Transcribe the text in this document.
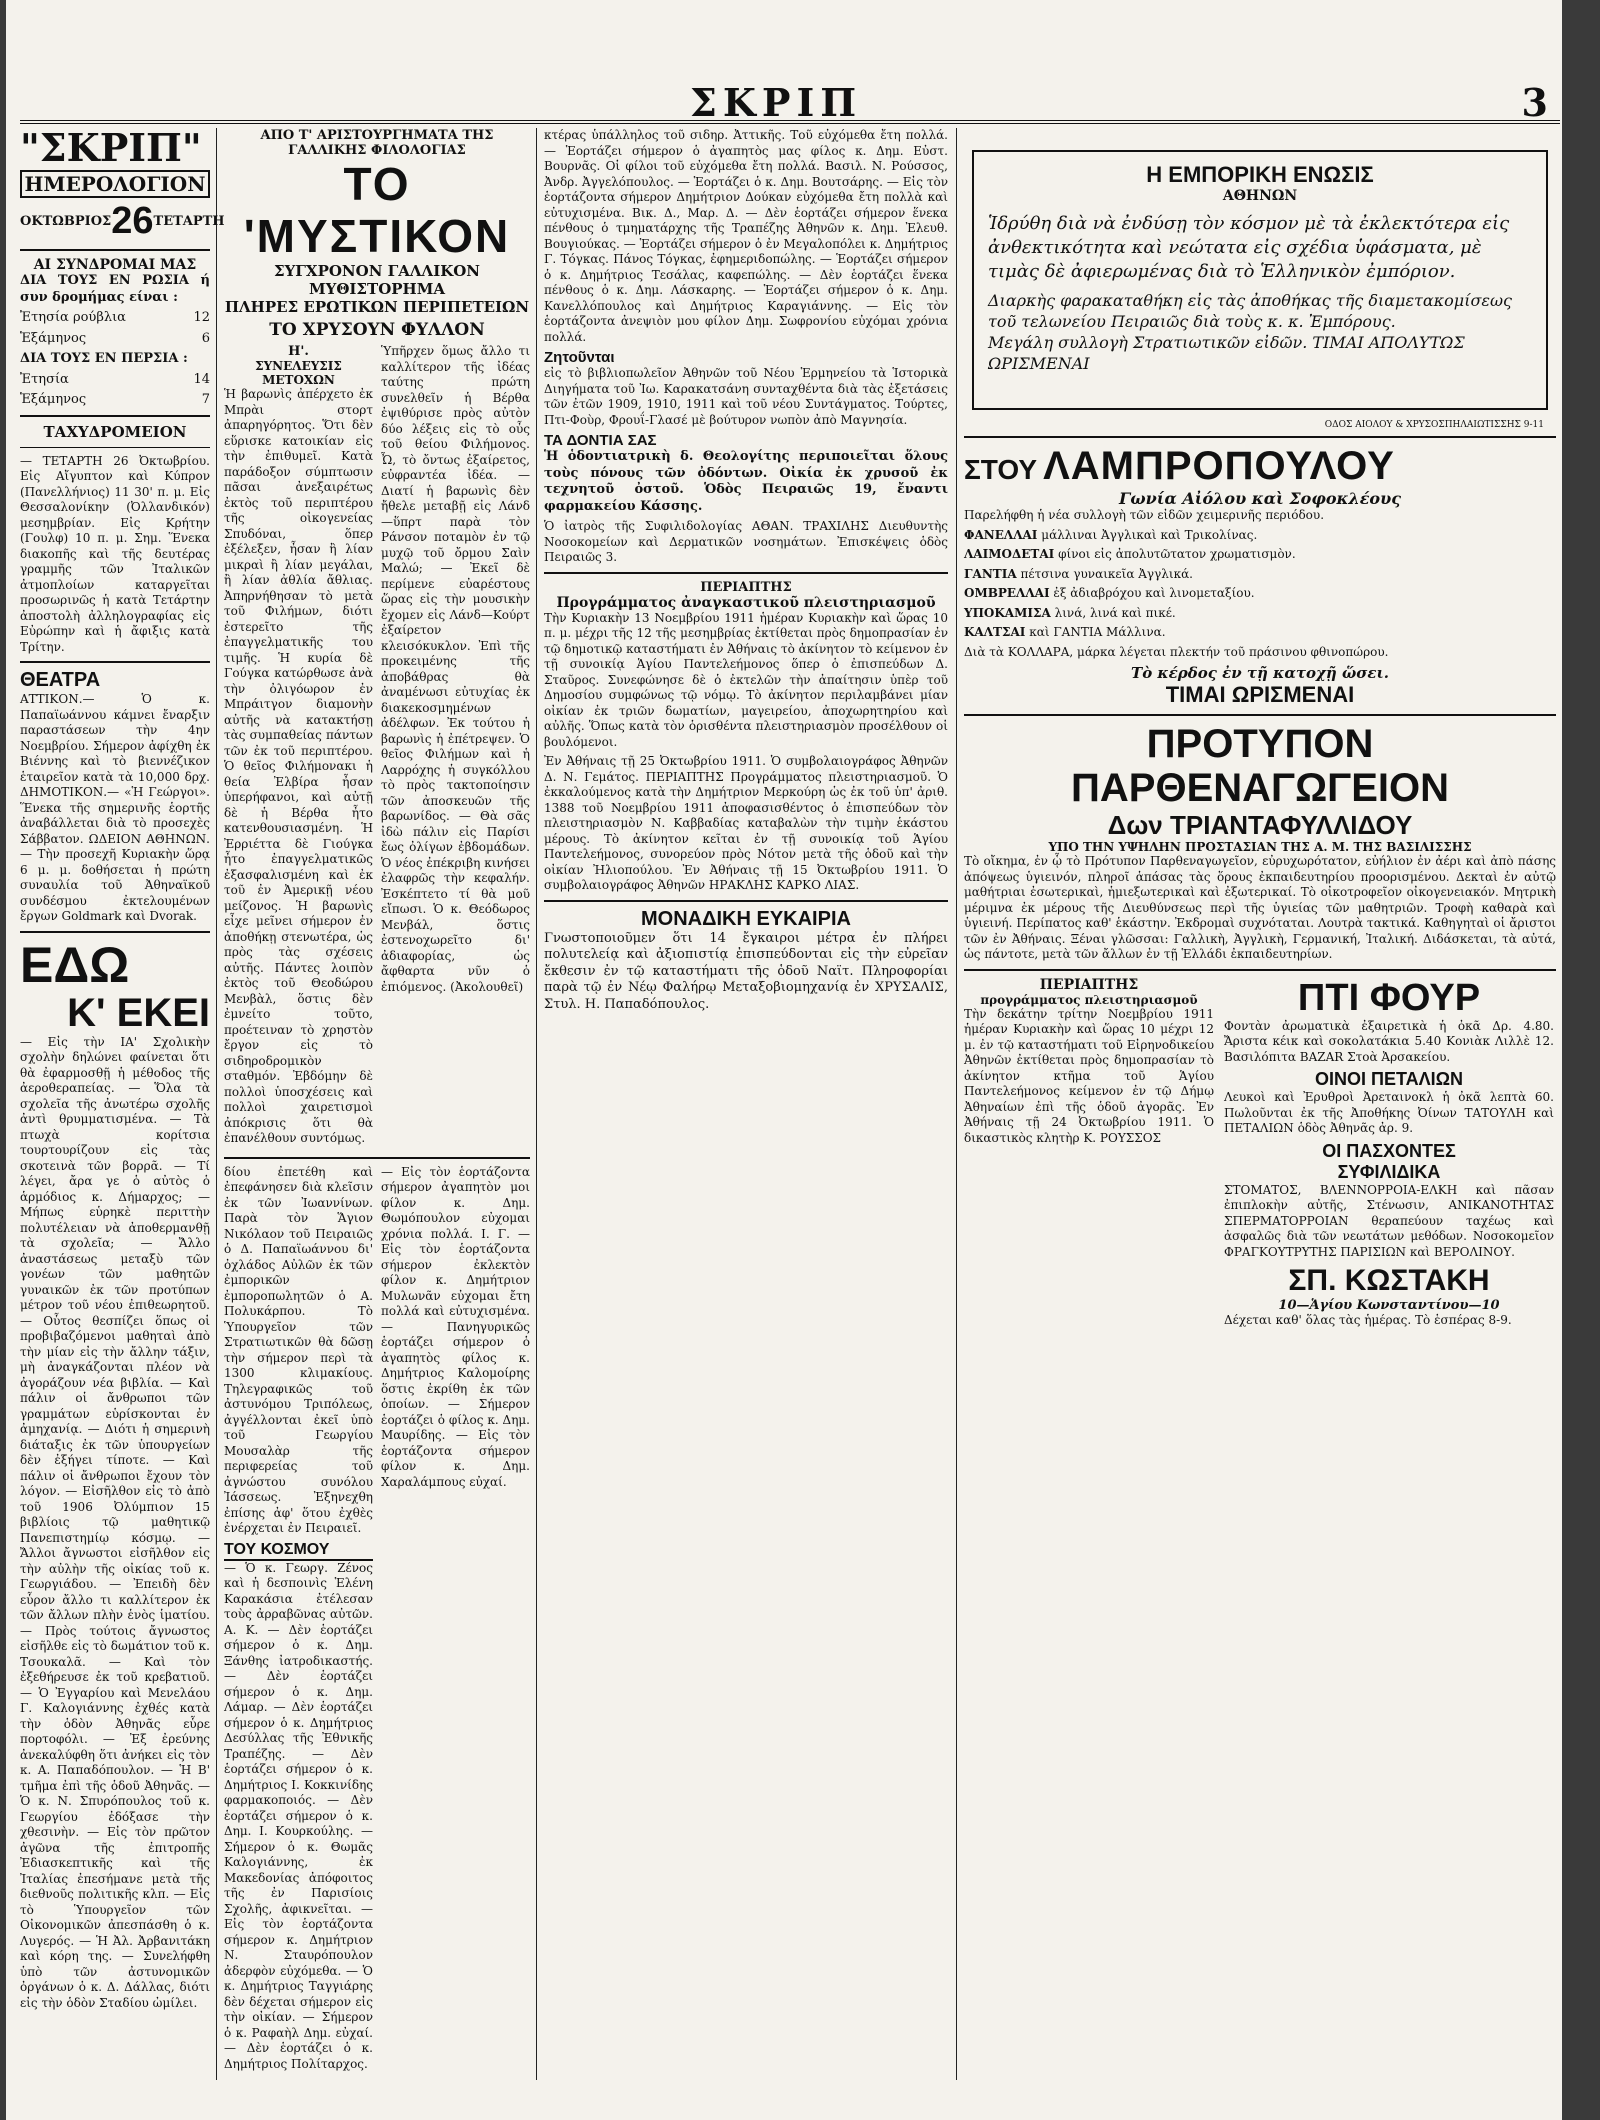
ΣΚΡΙΠ	3
"ΣΚΡΙΠ"
ΗΜΕΡΟΛΟΓΙΟΝ
ΟΚΤΩΒΡΙΟΣ 26 ΤΕΤΑΡΤΗ
ΑΙ ΣΥΝΔΡΟΜΑΙ ΜΑΣ
ΔΙΑ ΤΟΥΣ ΕΝ ΡΩΣΙΑ ή συν δρομήμας είναι :
Ἐτησία ρούβλια	12
Ἑξάμηνος	6
ΔΙΑ ΤΟΥΣ ΕΝ ΠΕΡΣΙΑ :
Ἐτησία	14
Ἑξάμηνος	7
ΤΑΧΥΔΡΟΜΕΙΟΝ
— ΤΕΤΑΡΤΗ 26 Ὀκτωβρίου. Εἰς Αἴγυπτον καὶ Κύπρον (Πανελλήνιος) 11 30' π. μ. Εἰς Θεσσαλονίκην (Ὀλλανδικόν) μεσημβρίαν. Εἰς Κρήτην (Γουλφ) 10 π. μ. Σημ. Ἕνεκα διακοπῆς καὶ τῆς δευτέρας γραμμῆς τῶν Ἰταλικῶν ἀτμοπλοίων καταργεῖται προσωρινῶς ἡ κατὰ Τετάρτην ἀποστολὴ ἀλληλογραφίας εἰς Εὐρώπην καὶ ἡ ἄφιξις κατὰ Τρίτην.
ΘΕΑΤΡΑ
ΑΤΤΙΚΟΝ.— Ὁ κ. Παπαϊωάννου κάμνει ἔναρξιν παραστάσεων τὴν 4ην Νοεμβρίου. Σήμερον ἀφίχθη ἐκ Βιέννης καὶ τὸ βιεννέζικον ἑταιρεῖον κατὰ τὰ 10,000 δρχ. ΔΗΜΟΤΙΚΟΝ.— «Ἡ Γεώργοι». Ἕνεκα τῆς σημερινῆς ἑορτῆς ἀναβάλλεται διὰ τὸ προσεχὲς Σάββατον. ΩΔΕΙΟΝ ΑΘΗΝΩΝ.— Τὴν προσεχῆ Κυριακὴν ὥρᾳ 6 μ. μ. δοθήσεται ἡ πρώτη συναυλία τοῦ Ἀθηναϊκοῦ συνδέσμου ἐκτελουμένων ἔργων Goldmark καὶ Dvorak.
ΕΔΩ
Κ' ΕΚΕΙ
— Εἰς τὴν ΙΑ' Σχολικὴν σχολὴν δηλώνει φαίνεται ὅτι θὰ ἐφαρμοσθῇ ἡ μέθοδος τῆς ἀεροθεραπείας. — Ὅλα τὰ σχολεῖα τῆς ἀνωτέρω σχολῆς ἀντὶ θρυμματισμένα. — Τὰ πτωχὰ κορίτσια τουρτουρίζουν εἰς τὰς σκοτεινὰ τῶν βορρᾶ. — Τί λέγει, ἄρα γε ὁ αὐτὸς ὁ ἁρμόδιος κ. Δήμαρχος; — Μήπως εὑρηκὲ περιττὴν πολυτέλειαν νὰ ἀποθερμανθῇ τὰ σχολεῖα; — Ἄλλο ἀναστάσεως μεταξὺ τῶν γονέων τῶν μαθητῶν γυναικῶν ἐκ τῶν προτύπων μέτρον τοῦ νέου ἐπιθεωρητοῦ. — Οὗτος θεσπίζει ὅπως οἱ προβιβαζόμενοι μαθηταὶ ἀπὸ τὴν μίαν εἰς τὴν ἄλλην τάξιν, μὴ ἀναγκάζονται πλέον νὰ ἀγοράζουν νέα βιβλία. — Καὶ πάλιν οἱ ἄνθρωποι τῶν γραμμάτων εὑρίσκονται ἐν ἀμηχανίᾳ. — Διότι ἡ σημερινὴ διάταξις ἐκ τῶν ὑπουργείων δὲν ἐξήγει τίποτε. — Καὶ πάλιν οἱ ἄνθρωποι ἔχουν τὸν λόγον. — Εἰσῆλθον εἰς τὸ ἀπὸ τοῦ 1906 Ὀλύμπιον 15 βιβλίοις τῷ μαθητικῷ Πανεπιστημίῳ κόσμῳ. — Ἄλλοι ἄγνωστοι εἰσῆλθον εἰς τὴν αὐλὴν τῆς οἰκίας τοῦ κ. Γεωργιάδου. — Ἐπειδὴ δὲν εὗρον ἄλλο τι καλλίτερον ἐκ τῶν ἄλλων πλὴν ἑνὸς ἱματίου. — Πρὸς τούτοις ἄγνωστος εἰσῆλθε εἰς τὸ δωμάτιον τοῦ κ. Τσουκαλᾶ. — Καὶ τὸν ἐξεθήρευσε ἐκ τοῦ κρεβατιοῦ. — Ὁ Ἐγγαρίου καὶ Μενελάου Γ. Καλογιάννης ἐχθές κατὰ τὴν ὁδὸν Ἀθηνᾶς εὗρε πορτοφόλι. — Ἐξ ἐρεύνης ἀνεκαλύφθη ὅτι ἀνήκει εἰς τὸν κ. Α. Παπαδόπουλον. — Ἡ Β' τμῆμα ἐπὶ τῆς ὁδοῦ Ἀθηνᾶς. — Ὁ κ. Ν. Σπυρόπουλος τοῦ κ. Γεωργίου ἐδόξασε τὴν χθεσινὴν. — Εἰς τὸν πρῶτον ἀγῶνα τῆς ἐπιτροπῆς Ἐδιασκεπτικῆς καὶ τῆς Ἰταλίας ἐπεσήμανε μετὰ τῆς διεθνοῦς πολιτικῆς κλπ. — Εἰς τὸ Ὑπουργεῖον τῶν Οἰκονομικῶν ἀπεσπάσθη ὁ κ. Λυγερός. — Ἡ Ἀλ. Ἀρβανιτάκη καὶ κόρη της. — Συνελήφθη ὑπὸ τῶν ἀστυνομικῶν ὀργάνων ὁ κ. Δ. Δάλλας, διότι εἰς τὴν ὁδὸν Σταδίου ὠμίλει.
ΑΠΟ Τ' ΑΡΙΣΤΟΥΡΓΗΜΑΤΑ ΤΗΣ ΓΑΛΛΙΚΗΣ ΦΙΛΟΛΟΓΙΑΣ
ΤΟ 'ΜΥΣΤΙΚΟΝ
ΣΥΓΧΡΟΝΟΝ ΓΑΛΛΙΚΟΝ ΜΥΘΙΣΤΟΡΗΜΑ
ΠΛΗΡΕΣ ΕΡΩΤΙΚΩΝ ΠΕΡΙΠΕΤΕΙΩΝ
ΤΟ ΧΡΥΣΟΥΝ ΦΥΛΛΟΝ
Η'.
ΣΥΝΕΛΕΥΣΙΣ ΜΕΤΟΧΩΝ
Ἡ βαρωνὶς ἀπέρχετο ἐκ Μπρὰι στορτ ἀπαρηγόρητος. Ὅτι δὲν εὕρισκε κατοικίαν εἰς τὴν ἐπιθυμεῖ. Κατὰ παράδοξον σύμπτωσιν πᾶσαι ἀνεξαιρέτως ἐκτὸς τοῦ περιπτέρου τῆς οἰκογενείας Σπυδόναι, ὅπερ ἐξέλεξεν, ἦσαν ἢ λίαν μικραὶ ἢ λίαν μεγάλαι, ἢ λίαν ἀθλία ἄθλιας. Ἀπηρνήθησαν τὸ μετὰ τοῦ Φιλήμων, διότι ἐστερεῖτο τῆς ἐπαγγελματικῆς του τιμῆς. Ἡ κυρία δὲ Γούγκα κατώρθωσε ἀνὰ τὴν ὀλιγόωρον ἐν Μπράιτγον διαμονὴν αὐτῆς νὰ κατακτήσῃ τὰς συμπαθείας πάντων τῶν ἐκ τοῦ περιπτέρου. Ὁ θεῖος Φιλήμονακι ἡ θεία Ἐλβίρα ἦσαν ὑπερήφανοι, καὶ αὐτῇ δὲ ἡ Βέρθα ἦτο κατενθουσιασμένη. Ἡ Ἐρριέττα δὲ Γιούγκα ἦτο ἐπαγγελματικῶς ἐξασφαλισμένη καὶ ἐκ τοῦ ἐν Ἀμερικῇ νέου μείζονος. Ἡ βαρωνὶς εἶχε μεῖνει σήμερον ἐν ἀποθήκῃ στενωτέρα, ὡς πρὸς τὰς σχέσεις αὐτῆς. Πάντες λοιπὸν ἐκτὸς τοῦ Θεοδώρου Μενβὰλ, ὅστις δὲν ἐμνείτο τοῦτο, προέτειναν τὸ χρηστὸν ἔργον εἰς τὸ σιδηροδρομικὸν σταθμόν. Ἐβδόμην δὲ πολλοὶ ὑποσχέσεις καὶ πολλοὶ χαιρετισμοὶ ἀπόκρισις ὅτι θὰ ἐπανέλθουν συντόμως.
Ὑπῆρχεν ὅμως ἄλλο τι καλλίτερον τῆς ἰδέας ταύτης πρώτη συνελθεῖν ἡ Βέρθα ἐψιθύρισε πρὸς αὐτὸν δύο λέξεις εἰς τὸ οὖς τοῦ θείου Φιλήμονος. Ὦ, τὸ ὄντως ἐξαίρετος, εὐφραντέα ἰδέα. — Διατί ἡ βαρωνὶς δὲν ἤθελε μεταβῇ εἰς Λάνδ—ὕπρτ παρὰ τὸν Ράνσον ποταμὸν ἐν τῷ μυχῷ τοῦ ὄρμου Σαὶν Μαλώ; — Ἐκεῖ δὲ περίμενε εὐαρέστους ὥρας εἰς τὴν μουσικὴν ἔχομεν εἰς Λάνδ—Κούρτ ἐξαίρετον κλεισόκυκλον. Ἐπὶ τῆς προκειμένης τῆς ἀποβάθρας θὰ ἀναμένωσι εὐτυχίας ἐκ διακεκοσμημένων ἀδέλφων. Ἐκ τούτου ἡ βαρωνὶς ἡ ἐπέτρεψεν. Ὁ θεῖος Φιλήμων καὶ ἡ Λαρρόχης ἡ συγκόλλου τὸ πρὸς τακτοποίησιν τῶν ἀποσκευῶν τῆς βαρωνίδος. — Θὰ σᾶς ἰδὼ πάλιν εἰς Παρίσι ἔως ὀλίγων ἐβδομάδων. Ὁ νέος ἐπέκριβη κινήσει ἐλαφρῶς τὴν κεφαλήν. Ἐσκέπτετο τί θὰ μοῦ εἴπωσι. Ὁ κ. Θεόδωρος Μενβάλ, ὅστις ἐστενοχωρεῖτο δι' ἀδιαφορίας, ὡς ἄφθαρτα νῦν ὁ ἐπιόμενος. (Ἀκολουθεῖ)
δίου ἐπετέθη καὶ ἐπεφάνησεν διὰ κλεῖσιν ἐκ τῶν Ἰωαννίνων. Παρὰ τὸν Ἅγιον Νικόλαον τοῦ Πειραιῶς ὁ Δ. Παπαϊωάννου δι' ὀχλάδος Αὐλῶν ἐκ τῶν ἐμπορικῶν ἐμποροπωλητῶν ὁ Α. Πολυκάρπου. Τὸ Ὑπουργεῖον τῶν Στρατιωτικῶν θὰ δῶσῃ τὴν σήμερον περὶ τὰ 1300 κλιμακίους. Τηλεγραφικῶς τοῦ ἀστυνόμου Τριπόλεως, ἀγγέλλονται ἐκεῖ ὑπὸ τοῦ Γεωργίου Μουσαλὰρ τῆς περιφερείας τοῦ ἀγνώστου συνόλου Ἰάσσεως. Ἐξηνεχθη ἐπίσης ἀφ' ὅτου ἐχθὲς ἐνέρχεται ἐν Πειραιεῖ.
ΤΟΥ ΚΟΣΜΟΥ
— Ὁ κ. Γεωργ. Ζένος καὶ ἡ δεσποινὶς Ἑλένη Καρακάσια ἐτέλεσαν τοὺς ἀρραβῶνας αὐτῶν. Α. Κ. — Δὲν ἑορτάζει σήμερον ὁ κ. Δημ. Ξάνθης ἰατροδικαστής. — Δὲν ἑορτάζει σήμερον ὁ κ. Δημ. Λάμαρ. — Δὲν ἑορτάζει σήμερον ὁ κ. Δημήτριος Δεσύλλας τῆς Ἐθνικῆς Τραπέζης. — Δὲν ἑορτάζει σήμερον ὁ κ. Δημήτριος Ι. Κοκκινίδης φαρμακοποιός. — Δὲν ἑορτάζει σήμερον ὁ κ. Δημ. Ι. Κουρκούλης. — Σήμερον ὁ κ. Θωμᾶς Καλογιάννης, ἐκ Μακεδονίας ἀπόφοιτος τῆς ἐν Παρισίοις Σχολῆς, ἀφικνεῖται. — Εἰς τὸν ἑορτάζοντα σήμερον κ. Δημήτριον Ν. Σταυρόπουλον ἀδερφὸν εὐχόμεθα. — Ὁ κ. Δημήτριος Ταγγιάρης δὲν δέχεται σήμερον εἰς τὴν οἰκίαν. — Σήμερον ὁ κ. Ραφαὴλ Δημ. εὐχαί. — Δὲν ἑορτάζει ὁ κ. Δημήτριος Πολίταρχος.
— Εἰς τὸν ἑορτάζοντα σήμερον ἀγαπητὸν μοι φίλον κ. Δημ. Θωμόπουλον εὐχομαι χρόνια πολλά. Ι. Γ. — Εἰς τὸν ἑορτάζοντα σήμερον ἐκλεκτὸν φίλον κ. Δημήτριον Μυλωνᾶν εὐχομαι ἔτη πολλά καὶ εὐτυχισμένα. — Πανηγυρικῶς ἑορτάζει σήμερον ὁ ἀγαπητὸς φίλος κ. Δημήτριος Καλομοίρης ὅστις ἐκρίθη ἐκ τῶν ὁποίων. — Σήμερον ἑορτάζει ὁ φίλος κ. Δημ. Μαυρίδης. — Εἰς τὸν ἑορτάζοντα σήμερον φίλον κ. Δημ. Χαραλάμπους εὐχαί.
κτέρας ὑπάλληλος τοῦ σιδηρ. Ἀττικῆς. Τοῦ εὐχόμεθα ἔτη πολλά. — Ἑορτάζει σήμερον ὁ ἀγαπητὸς μας φίλος κ. Δημ. Εὐστ. Βουρνᾶς. Οἱ φίλοι τοῦ εὐχόμεθα ἔτη πολλά. Βασιλ. Ν. Ρούσσος, Ἀνδρ. Ἀγγελόπουλος. — Ἑορτάζει ὁ κ. Δημ. Βουτσάρης. — Εἰς τὸν ἑορτάζοντα σήμερον Δημήτριον Δούκαν εὐχόμεθα ἔτη πολλὰ καὶ εὐτυχισμένα. Βικ. Δ., Μαρ. Δ. — Δὲν ἑορτάζει σήμερον ἕνεκα πένθους ὁ τμηματάρχης τῆς Τραπέζης Ἀθηνῶν κ. Δημ. Ἐλευθ. Βουγιούκας. — Ἑορτάζει σήμερον ὁ ἐν Μεγαλοπόλει κ. Δημήτριος Γ. Τόγκας. Πάνος Τόγκας, ἐφημεριδοπώλης. — Ἑορτάζει σήμερον ὁ κ. Δημήτριος Τεσάλας, καφεπώλης. — Δὲν ἑορτάζει ἕνεκα πένθους ὁ κ. Δημ. Λάσκαρης. — Ἑορτάζει σήμερον ὁ κ. Δημ. Κανελλόπουλος καὶ Δημήτριος Καραγιάννης. — Εἰς τὸν ἑορτάζοντα ἀνεψιὸν μου φίλον Δημ. Σωφρονίου εὐχόμαι χρόνια πολλά.
Ζητοῦνται
εἰς τὸ βιβλιοπωλεῖον Ἀθηνῶν τοῦ Νέου Ἑρμηνείου τὰ Ἱστορικὰ Διηγήματα τοῦ Ἰω. Καρακατσάνη συνταχθέντα διὰ τὰς ἐξετάσεις τῶν ἐτῶν 1909, 1910, 1911 καὶ τοῦ νέου Συντάγματος. Τούρτες, Πτι-Φοὺρ, Φρουΐ-Γλασέ μὲ βούτυρον νωπὸν ἀπὸ Μαγνησία.
ΤΑ ΔΟΝΤΙΑ ΣΑΣ
Ἡ ὁδοντιατρικὴ δ. Θεολογίτης περιποιεῖται ὅλους τοὺς πόνους τῶν ὀδόντων. Οἰκία ἐκ χρυσοῦ ἐκ τεχνητοῦ ὀστοῦ. Ὁδὸς Πειραιῶς 19, ἔναντι φαρμακείου Κάσσης.
Ὁ ἰατρὸς τῆς Συφιλιδολογίας ΑΘΑΝ. ΤΡΑΧΙΛΗΣ Διευθυντὴς Νοσοκομείων καὶ Δερματικῶν νοσημάτων. Ἐπισκέψεις ὁδὸς Πειραιῶς 3.
ΠΕΡΙΑΠΤΗΣ
Προγράμματος ἀναγκαστικοῦ πλειστηριασμοῦ
Τὴν Κυριακὴν 13 Νοεμβρίου 1911 ἡμέραν Κυριακὴν καὶ ὥρας 10 π. μ. μέχρι τῆς 12 τῆς μεσημβρίας ἐκτίθεται πρὸς δημοπρασίαν ἐν τῷ δημοτικῷ καταστήματι ἐν Ἀθήναις τὸ ἀκίνητον τὸ κείμενον ἐν τῇ συνοικίᾳ Ἁγίου Παντελεήμονος ὅπερ ὁ ἐπισπεύδων Δ. Σταῦρος. Συνεφώνησε δὲ ὁ ἐκτελῶν τὴν ἀπαίτησιν ὑπὲρ τοῦ Δημοσίου συμφώνως τῷ νόμῳ. Τὸ ἀκίνητον περιλαμβάνει μίαν οἰκίαν ἐκ τριῶν δωματίων, μαγειρείου, ἀποχωρητηρίου καὶ αὐλῆς. Ὅπως κατὰ τὸν ὁρισθέντα πλειστηριασμὸν προσέλθουν οἱ βουλόμενοι.
Ἐν Ἀθήναις τῇ 25 Ὀκτωβρίου 1911. Ὁ συμβολαιογράφος Ἀθηνῶν Δ. Ν. Γεμάτος. ΠΕΡΙΑΠΤΗΣ Προγράμματος πλειστηριασμοῦ. Ὁ ἐκκαλούμενος κατὰ τὴν Δημήτριον Μερκούρη ὡς ἐκ τοῦ ὑπ' ἀριθ. 1388 τοῦ Νοεμβρίου 1911 ἀποφασισθέντος ὁ ἐπισπεύδων τὸν πλειστηριασμὸν Ν. Καββαδίας καταβαλὼν τὴν τιμὴν ἑκάστου μέρους. Τὸ ἀκίνητον κεῖται ἐν τῇ συνοικίᾳ τοῦ Ἁγίου Παντελεήμονος, συνορεύον πρὸς Νότον μετὰ τῆς ὁδοῦ καὶ τὴν οἰκίαν Ἠλιοπούλου. Ἐν Ἀθήναις τῇ 15 Ὀκτωβρίου 1911. Ὁ συμβολαιογράφος Ἀθηνῶν ΗΡΑΚΛΗΣ ΚΑΡΚΟ ΛΙΑΣ.
ΜΟΝΑΔΙΚΗ ΕΥΚΑΙΡΙΑ
Γνωστοποιοῦμεν ὅτι 14 ἔγκαιροι μέτρα ἐν πλήρει πολυτελείᾳ καὶ ἀξιοπιστίᾳ ἐπισπεύδονται εἰς τὴν εὐρεῖαν ἔκθεσιν ἐν τῷ καταστήματι τῆς ὁδοῦ Ναϊτ. Πληροφορίαι παρὰ τῷ ἐν Νέῳ Φαλήρῳ Μεταξοβιομηχανίᾳ ἐν ΧΡΥΣΑΛΙΣ, Στυλ. Η. Παπαδόπουλος.
Η ΕΜΠΟΡΙΚΗ ΕΝΩΣΙΣ
ΑΘΗΝΩΝ
Ἱδρύθη διὰ νὰ ἐνδύσῃ τὸν κόσμον μὲ τὰ ἐκλεκτότερα εἰς ἀνθεκτικότητα καὶ νεώτατα εἰς σχέδια ὑφάσματα, μὲ τιμὰς δὲ ἀφιερωμένας διὰ τὸ Ἑλληνικὸν ἐμπόριον.
Διαρκὴς φαρακαταθήκη εἰς τὰς ἀποθήκας τῆς διαμετακομίσεως τοῦ τελωνείου Πειραιῶς διὰ τοὺς κ. κ. Ἐμπόρους.
Μεγάλη συλλογὴ Στρατιωτικῶν εἰδῶν. ΤΙΜΑΙ ΑΠΟΛΥΤΩΣ ΩΡΙΣΜΕΝΑΙ
ΟΔΟΣ ΑΙΟΛΟΥ & ΧΡΥΣΟΣΠΗΛΑΙΩΤΙΣΣΗΣ 9-11
ΣΤΟΥ ΛΑΜΠΡΟΠΟΥΛΟΥ
Γωνία Αἰόλου καὶ Σοφοκλέους
Παρελήφθη ἡ νέα συλλογὴ τῶν εἰδῶν χειμερινῆς περιόδου.
ΦΑΝΕΛΛΑΙ μάλλιναι Ἀγγλικαὶ καὶ Τρικολίνας.
ΛΑΙΜΟΔΕΤΑΙ φίνοι εἰς ἀπολυτῶτατον χρωματισμὸν.
ΓΑΝΤΙΑ πέτσινα γυναικεῖα Ἀγγλικά.
ΟΜΒΡΕΛΛΑΙ ἐξ ἀδιαβρόχου καὶ λινομεταξίου.
ΥΠΟΚΑΜΙΣΑ λινά, λινά καὶ πικέ.
ΚΑΛΤΣΑΙ καὶ ΓΑΝΤΙΑ Μάλλινα.
Διὰ τὰ ΚΟΛΛΑΡΑ, μάρκα λέγεται πλεκτήν τοῦ πράσινου φθινοπώρου.
Τὸ κέρδος ἐν τῇ κατοχῇ ὥσει.
ΤΙΜΑΙ ΩΡΙΣΜΕΝΑΙ
ΠΡΟΤΥΠΟΝ ΠΑΡΘΕΝΑΓΩΓΕΙΟΝ
Δων ΤΡΙΑΝΤΑΦΥΛΛΙΔΟΥ
ΥΠΟ ΤΗΝ ΥΨΗΛΗΝ ΠΡΟΣΤΑΣΙΑΝ ΤΗΣ Α. Μ. ΤΗΣ ΒΑΣΙΛΙΣΣΗΣ
Τὸ οἴκημα, ἐν ᾧ τὸ Πρότυπον Παρθεναγωγεῖον, εὐρυχωρότατον, εὐήλιον ἐν ἀέρι καὶ ἀπὸ πάσης ἀπόψεως ὑγιεινόν, πληροῖ ἁπάσας τὰς ὅρους ἐκπαιδευτηρίου προορισμένου. Δεκταὶ ἐν αὐτῷ μαθήτριαι ἐσωτερικαὶ, ἡμιεξωτερικαὶ καὶ ἐξωτερικαί. Τὸ οἰκοτροφεῖον οἰκογενειακόν. Μητρικὴ μέριμνα ἐκ μέρους τῆς Διευθύνσεως περὶ τῆς ὑγιείας τῶν μαθητριῶν. Τροφὴ καθαρὰ καὶ ὑγιεινή. Περίπατος καθ' ἑκάστην. Ἐκδρομαὶ συχνόταται. Λουτρὰ τακτικά. Καθηγηταὶ οἱ ἄριστοι τῶν ἐν Ἀθήναις. Ξέναι γλῶσσαι: Γαλλικὴ, Ἀγγλικὴ, Γερμανική, Ἰταλική. Διδάσκεται, τὰ αὐτά, ὡς πάντοτε, μετὰ τῶν ἄλλων ἐν τῇ Ἑλλάδι ἐκπαιδευτηρίων.
ΠΕΡΙΑΠΤΗΣ
προγράμματος πλειστηριασμοῦ
Τὴν δεκάτην τρίτην Νοεμβρίου 1911 ἡμέραν Κυριακὴν καὶ ὥρας 10 μέχρι 12 μ. ἐν τῷ καταστήματι τοῦ Εἰρηνοδικείου Ἀθηνῶν ἐκτίθεται πρὸς δημοπρασίαν τὸ ἀκίνητον κτῆμα τοῦ Ἁγίου Παντελεήμονος κείμενον ἐν τῷ Δήμῳ Ἀθηναίων ἐπὶ τῆς ὁδοῦ ἀγορᾶς. Ἐν Ἀθήναις τῇ 24 Ὀκτωβρίου 1911. Ὁ δικαστικὸς κλητὴρ Κ. ΡΟΥΣΣΟΣ
ΠΤΙ ΦΟΥΡ
Φοντὰν ἀρωματικὰ ἐξαιρετικὰ ἡ ὀκᾶ Δρ. 4.80. Ἄριστα κέικ καὶ σοκολατάκια 5.40 Κονιὰκ Λιλλὲ 12. Βασιλόπιτα BAZAR Στοὰ Ἀρσακείου.
ΟΙΝΟΙ ΠΕΤΑΛΙΩΝ
Λευκοὶ καὶ Ἐρυθροὶ Ἀρεταινοκλ ἡ ὀκᾶ λεπτὰ 60. Πωλοῦνται ἐκ τῆς Ἀποθήκης Ὀίνων ΤΑΤΟΥΛΗ καὶ ΠΕΤΑΛΙΩΝ ὁδὸς Ἀθηνᾶς ἀρ. 9.
ΟΙ ΠΑΣΧΟΝΤΕΣ
ΣΥΦΙΛΙΔΙΚΑ
ΣΤΟΜΑΤΟΣ, ΒΛΕΝΝΟΡΡΟΙΑ-ΕΛΚΗ καὶ πᾶσαν ἐπιπλοκὴν αὐτῆς, Στένωσιν, ΑΝΙΚΑΝΟΤΗΤΑΣ ΣΠΕΡΜΑΤΟΡΡΟΙΑΝ θεραπεύουν ταχέως καὶ ἀσφαλῶς διὰ τῶν νεωτάτων μεθόδων. Νοσοκομεῖον ΦΡΑΓΚΟΥΤΡΥΤΗΣ ΠΑΡΙΣΙΩΝ καὶ ΒΕΡΟΛΙΝΟΥ.
ΣΠ. ΚΩΣΤΑΚΗ
10—Ἁγίου Κωνσταντίνου—10
Δέχεται καθ' ὅλας τὰς ἡμέρας. Τὸ ἑσπέρας 8-9.
